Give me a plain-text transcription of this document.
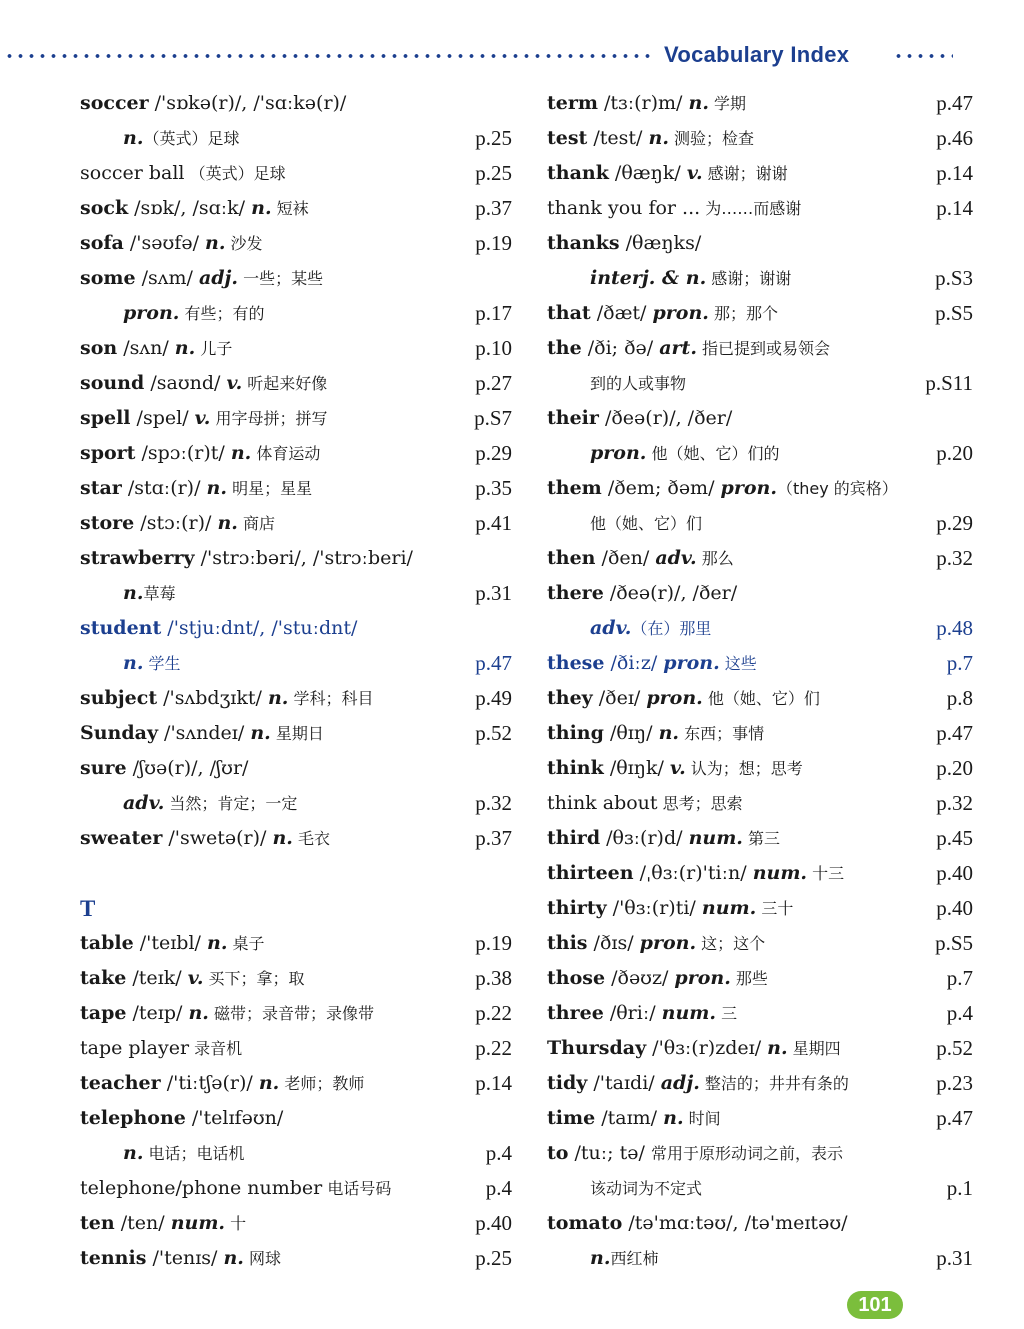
Vocabulary Index
soccer /'sɒkə(r)/, /'sɑːkə(r)/
n.（英式）足球	p.25
soccer ball （英式）足球	p.25
sock /sɒk/, /sɑːk/ n. 短袜	p.37
sofa /'səʊfə/ n. 沙发	p.19
some /sʌm/ adj. 一些；某些
pron. 有些；有的	p.17
son /sʌn/ n. 儿子	p.10
sound /saʊnd/ v. 听起来好像	p.27
spell /spel/ v. 用字母拼；拼写	p.S7
sport /spɔː(r)t/ n. 体育运动	p.29
star /stɑː(r)/ n. 明星；星星	p.35
store /stɔː(r)/ n. 商店	p.41
strawberry /'strɔːbəri/, /'strɔːberi/
n.草莓	p.31
student /'stjuːdnt/, /'stuːdnt/
n. 学生	p.47
subject /'sʌbdʒɪkt/ n. 学科；科目	p.49
Sunday /'sʌndeɪ/ n. 星期日	p.52
sure /ʃʊə(r)/, /ʃʊr/
adv. 当然；肯定；一定	p.32
sweater /'swetə(r)/ n. 毛衣	p.37
T
table /'teɪbl/ n. 桌子	p.19
take /teɪk/ v. 买下；拿；取	p.38
tape /teɪp/ n. 磁带；录音带；录像带	p.22
tape player 录音机	p.22
teacher /'tiːtʃə(r)/ n. 老师；教师	p.14
telephone /'telɪfəʊn/
n. 电话；电话机	p.4
telephone/phone number 电话号码	p.4
ten /ten/ num. 十	p.40
tennis /'tenɪs/ n. 网球	p.25
term /tɜː(r)m/ n. 学期	p.47
test /test/ n. 测验；检查	p.46
thank /θæŋk/ v. 感谢；谢谢	p.14
thank you for ... 为……而感谢	p.14
thanks /θæŋks/
interj. & n. 感谢；谢谢	p.S3
that /ðæt/ pron. 那；那个	p.S5
the /ði; ðə/ art. 指已提到或易领会
到的人或事物	p.S11
their /ðeə(r)/, /ðer/
pron. 他（她、它）们的	p.20
them /ðem; ðəm/ pron.（they 的宾格）
他（她、它）们	p.29
then /ðen/ adv. 那么	p.32
there /ðeə(r)/, /ðer/
adv.（在）那里	p.48
these /ðiːz/ pron. 这些	p.7
they /ðeɪ/ pron. 他（她、它）们	p.8
thing /θɪŋ/ n. 东西；事情	p.47
think /θɪŋk/ v. 认为；想；思考	p.20
think about 思考；思索	p.32
third /θɜː(r)d/ num. 第三	p.45
thirteen /ˌθɜː(r)'tiːn/ num. 十三	p.40
thirty /'θɜː(r)ti/ num. 三十	p.40
this /ðɪs/ pron. 这；这个	p.S5
those /ðəʊz/ pron. 那些	p.7
three /θriː/ num. 三	p.4
Thursday /'θɜː(r)zdeɪ/ n. 星期四	p.52
tidy /'taɪdi/ adj. 整洁的；井井有条的	p.23
time /taɪm/ n. 时间	p.47
to /tuː; tə/ 常用于原形动词之前，表示
该动词为不定式	p.1
tomato /tə'mɑːtəʊ/, /tə'meɪtəʊ/
n.西红柿	p.31
101
